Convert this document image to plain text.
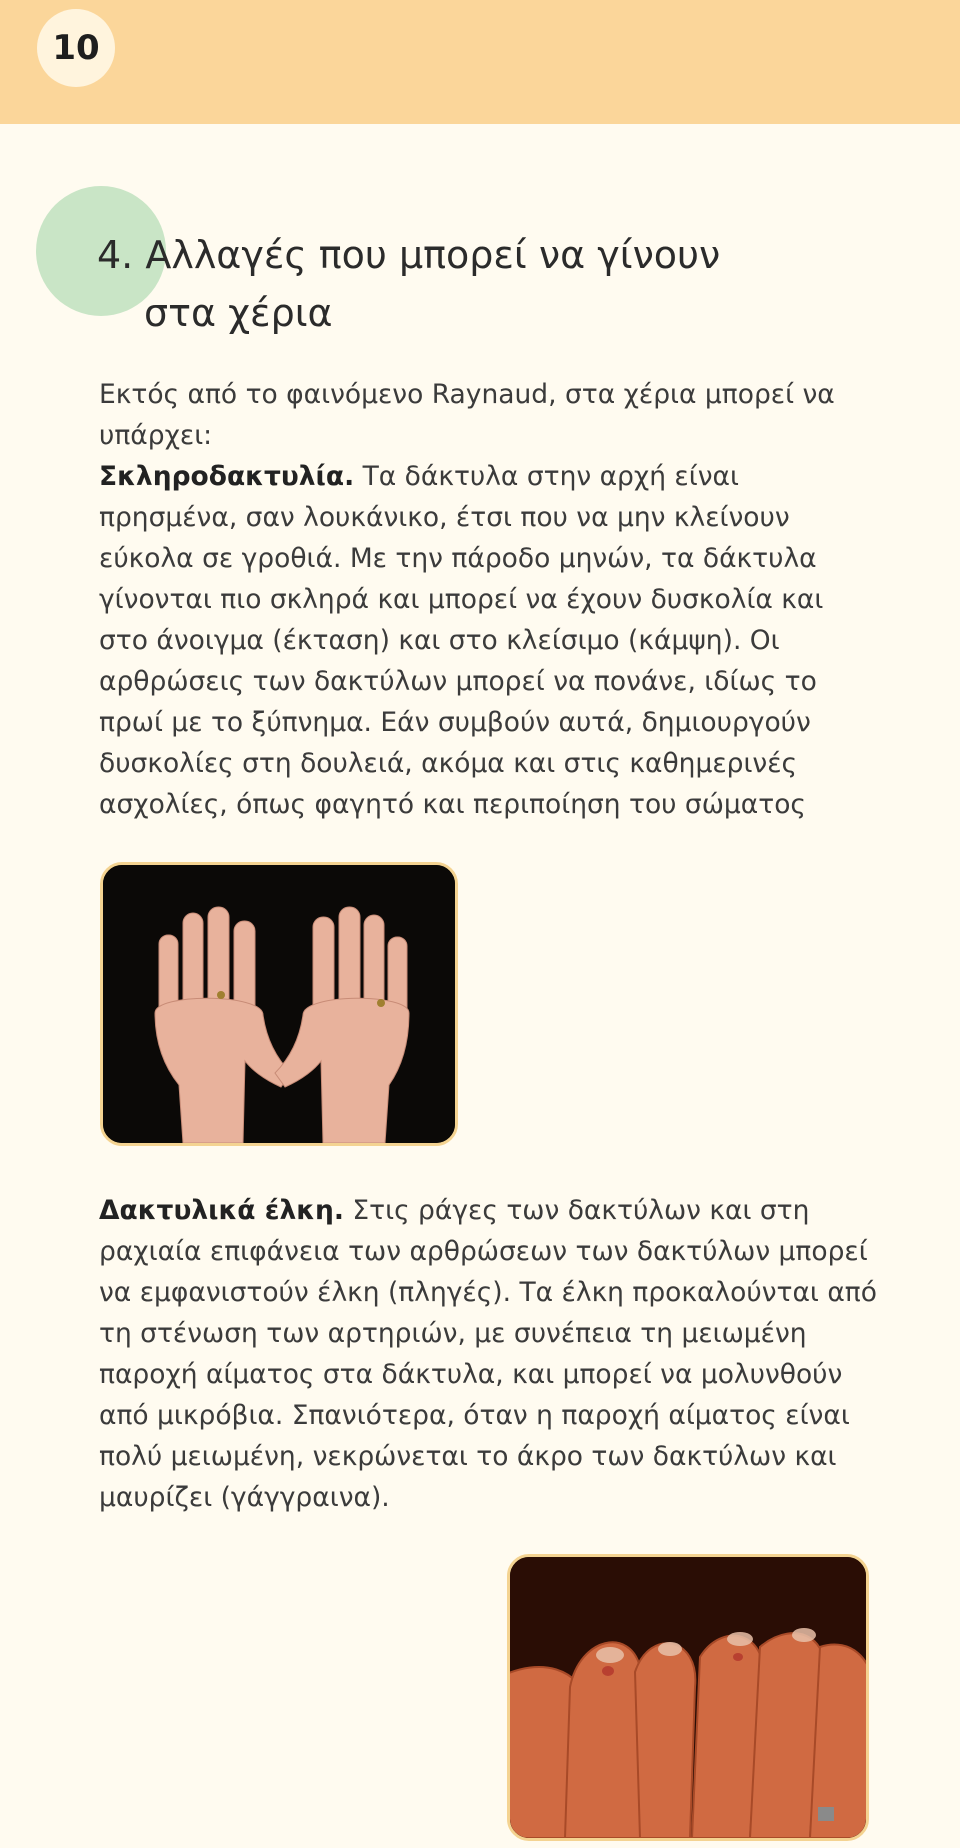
10
4. Αλλαγές που μπορεί να γίνουν
στα χέρια

Εκτός από το φαινόμενο Raynaud, στα χέρια μπορεί να υπάρχει:

Σκληροδακτυλία. Τα δάκτυλα στην αρχή είναι πρησμένα, σαν λουκάνικο, έτσι που να μην κλείνουν εύκολα σε γροθιά. Με την πάροδο μηνών, τα δάκτυλα γίνονται πιο σκληρά και μπορεί να έχουν δυσκολία και στο άνοιγμα (έκταση) και στο κλείσιμο (κάμψη). Οι αρθρώσεις των δακτύλων μπορεί να πονάνε, ιδίως το πρωί με το ξύπνημα. Εάν συμβούν αυτά, δημιουργούν δυσκολίες στη δουλειά, ακόμα και στις καθημερινές ασχολίες, όπως φαγητό και περιποίηση του σώματος

Δακτυλικά έλκη. Στις ράγες των δακτύλων και στη ραχιαία επιφάνεια των αρθρώσεων των δακτύλων μπορεί να εμφανιστούν έλκη (πληγές). Τα έλκη προκαλούνται από τη στένωση των αρτηριών, με συνέπεια τη μειωμένη παροχή αίματος στα δάκτυλα, και μπορεί να μολυνθούν από μικρόβια. Σπανιότερα, όταν η παροχή αίματος είναι πολύ μειωμένη, νεκρώνεται το άκρο των δακτύλων και μαυρίζει (γάγγραινα).
